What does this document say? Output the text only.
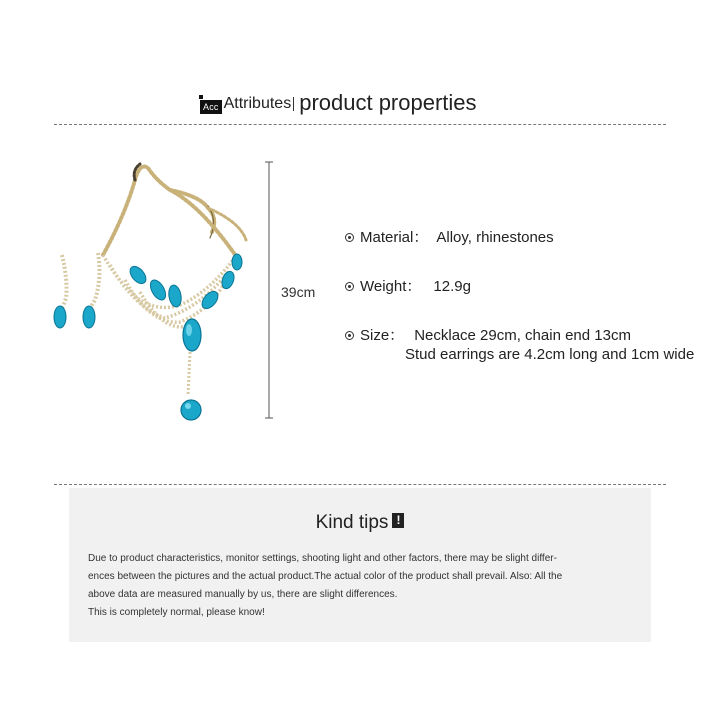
Acc Attributes product properties
39cm
Material： Alloy, rhinestones
Weight： 12.9g
Size： Necklace 29cm, chain end 13cm
Stud earrings are 4.2cm long and 1cm wide
Kind tips !

Due to product characteristics, monitor settings, shooting light and other factors, there may be slight differ-

ences between the pictures and the actual product.The actual color of the product shall prevail. Also: All the

above data are measured manually by us, there are slight differences.

This is completely normal, please know!
